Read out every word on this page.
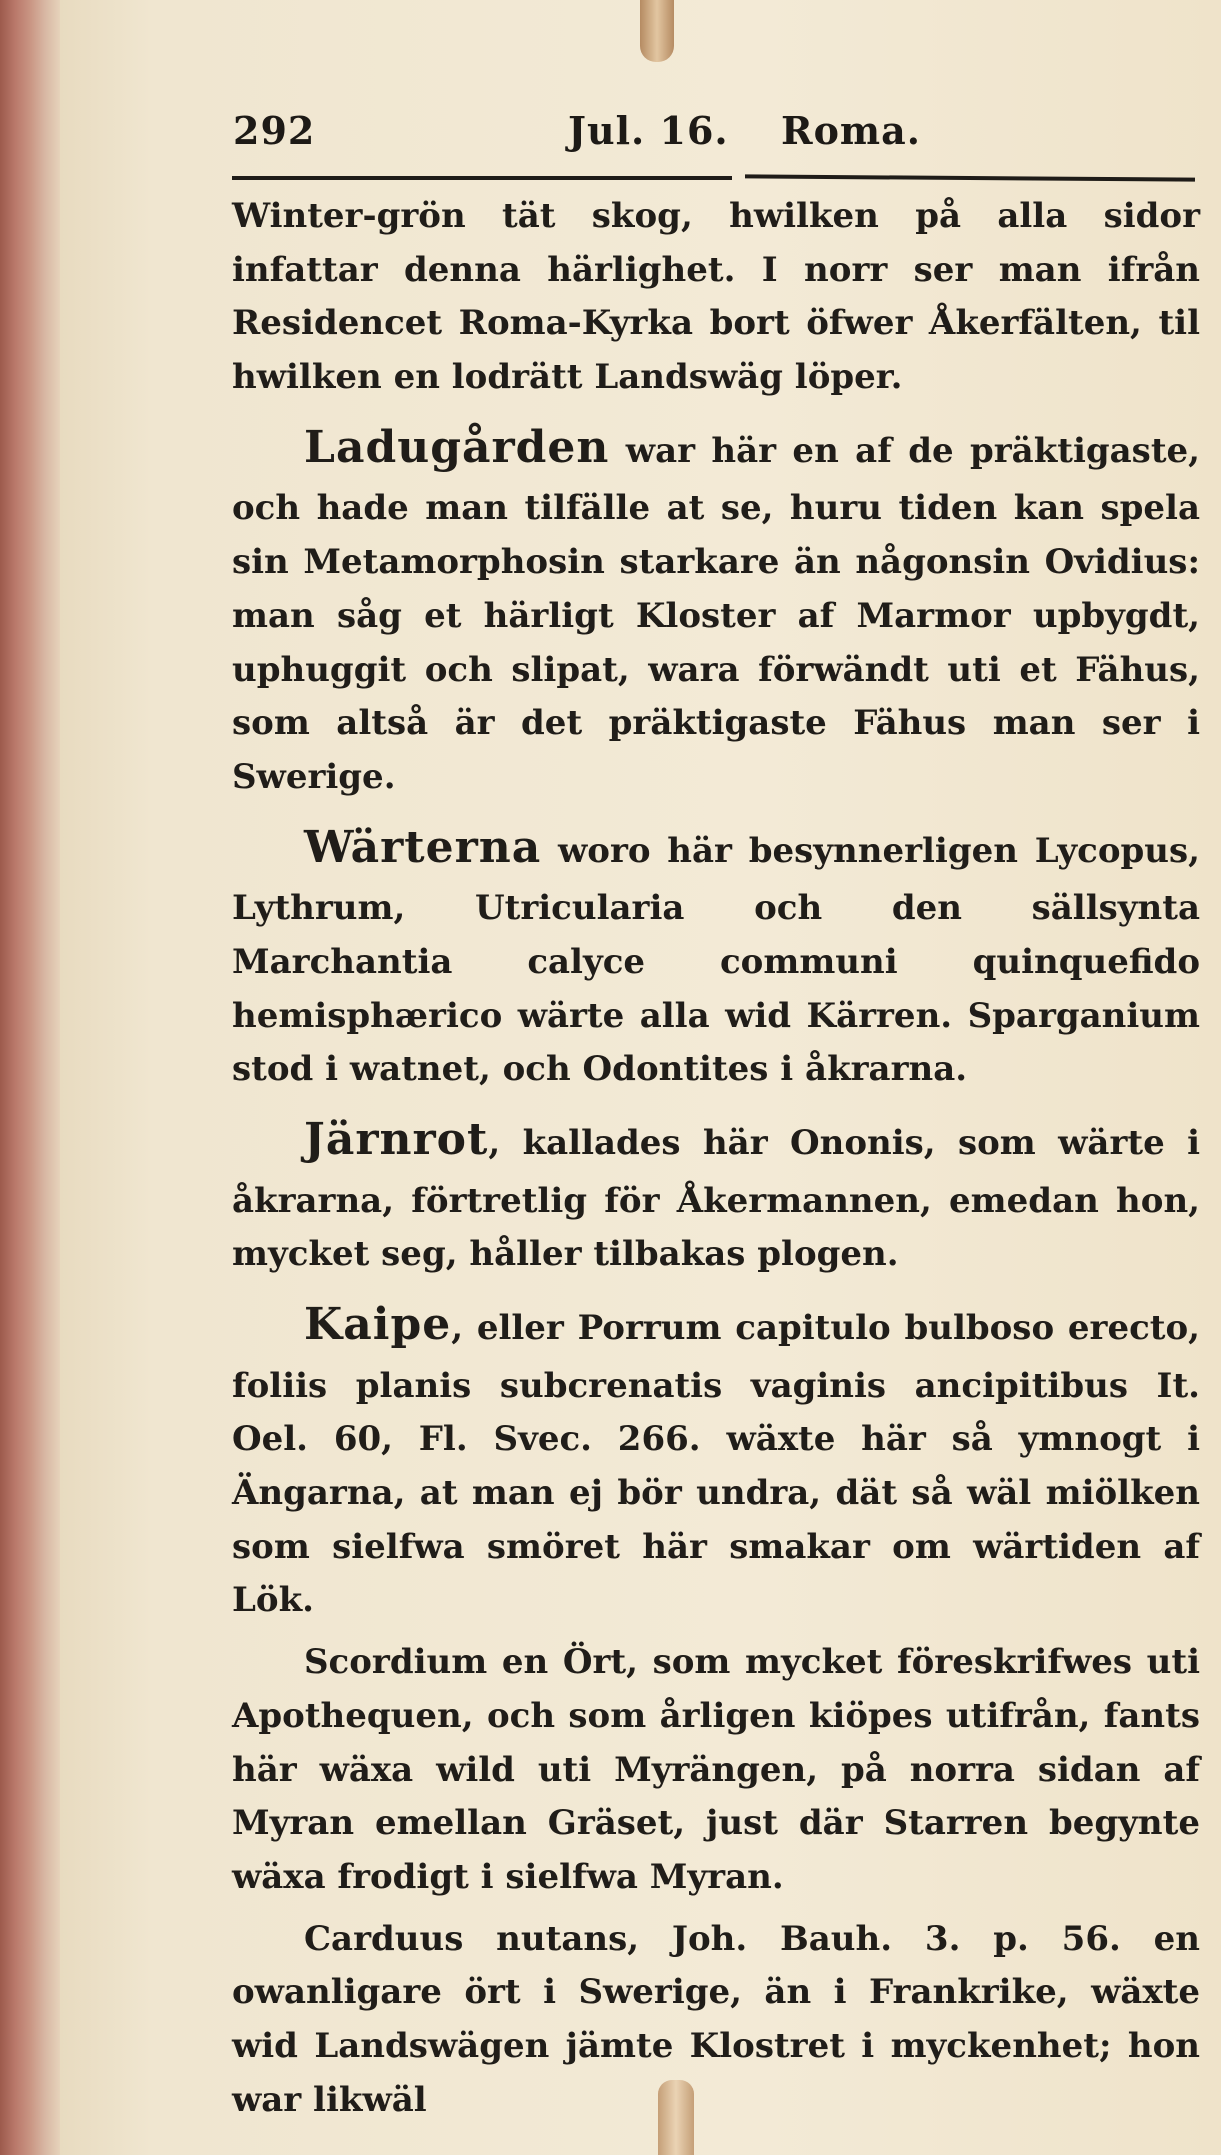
292	Jul. 16. Roma.

Winter-grön tät skog, hwilken på alla sidor infattar denna härlighet. I norr ser man ifrån Residencet Roma-Kyrka bort öfwer Åkerfälten, til hwilken en lodrätt Landswäg löper.

Ladugården war här en af de präktigaste, och hade man tilfälle at se, huru tiden kan spela sin Metamorphosin starkare än någonsin Ovidius: man såg et härligt Kloster af Marmor upbygdt, uphuggit och slipat, wara förwändt uti et Fähus, som altså är det präktigaste Fähus man ser i Swerige.

Wärterna woro här besynnerligen Lycopus, Lythrum, Utricularia och den sällsynta Marchantia calyce communi quinquefido hemisphærico wärte alla wid Kärren. Sparganium stod i watnet, och Odontites i åkrarna.

Järnrot, kallades här Ononis, som wärte i åkrarna, förtretlig för Åkermannen, emedan hon, mycket seg, håller tilbakas plogen.

Kaipe, eller Porrum capitulo bulboso erecto, foliis planis subcrenatis vaginis ancipitibus It. Oel. 60, Fl. Svec. 266. wäxte här så ymnogt i Ängarna, at man ej bör undra, dät så wäl miölken som sielfwa smöret här smakar om wärtiden af Lök.

Scordium en Ört, som mycket föreskrifwes uti Apothequen, och som årligen kiöpes utifrån, fants här wäxa wild uti Myrängen, på norra sidan af Myran emellan Gräset, just där Starren begynte wäxa frodigt i sielfwa Myran.

Carduus nutans, Joh. Bauh. 3. p. 56. en owanligare ört i Swerige, än i Frankrike, wäxte wid Landswägen jämte Klostret i myckenhet; hon war likwäl
